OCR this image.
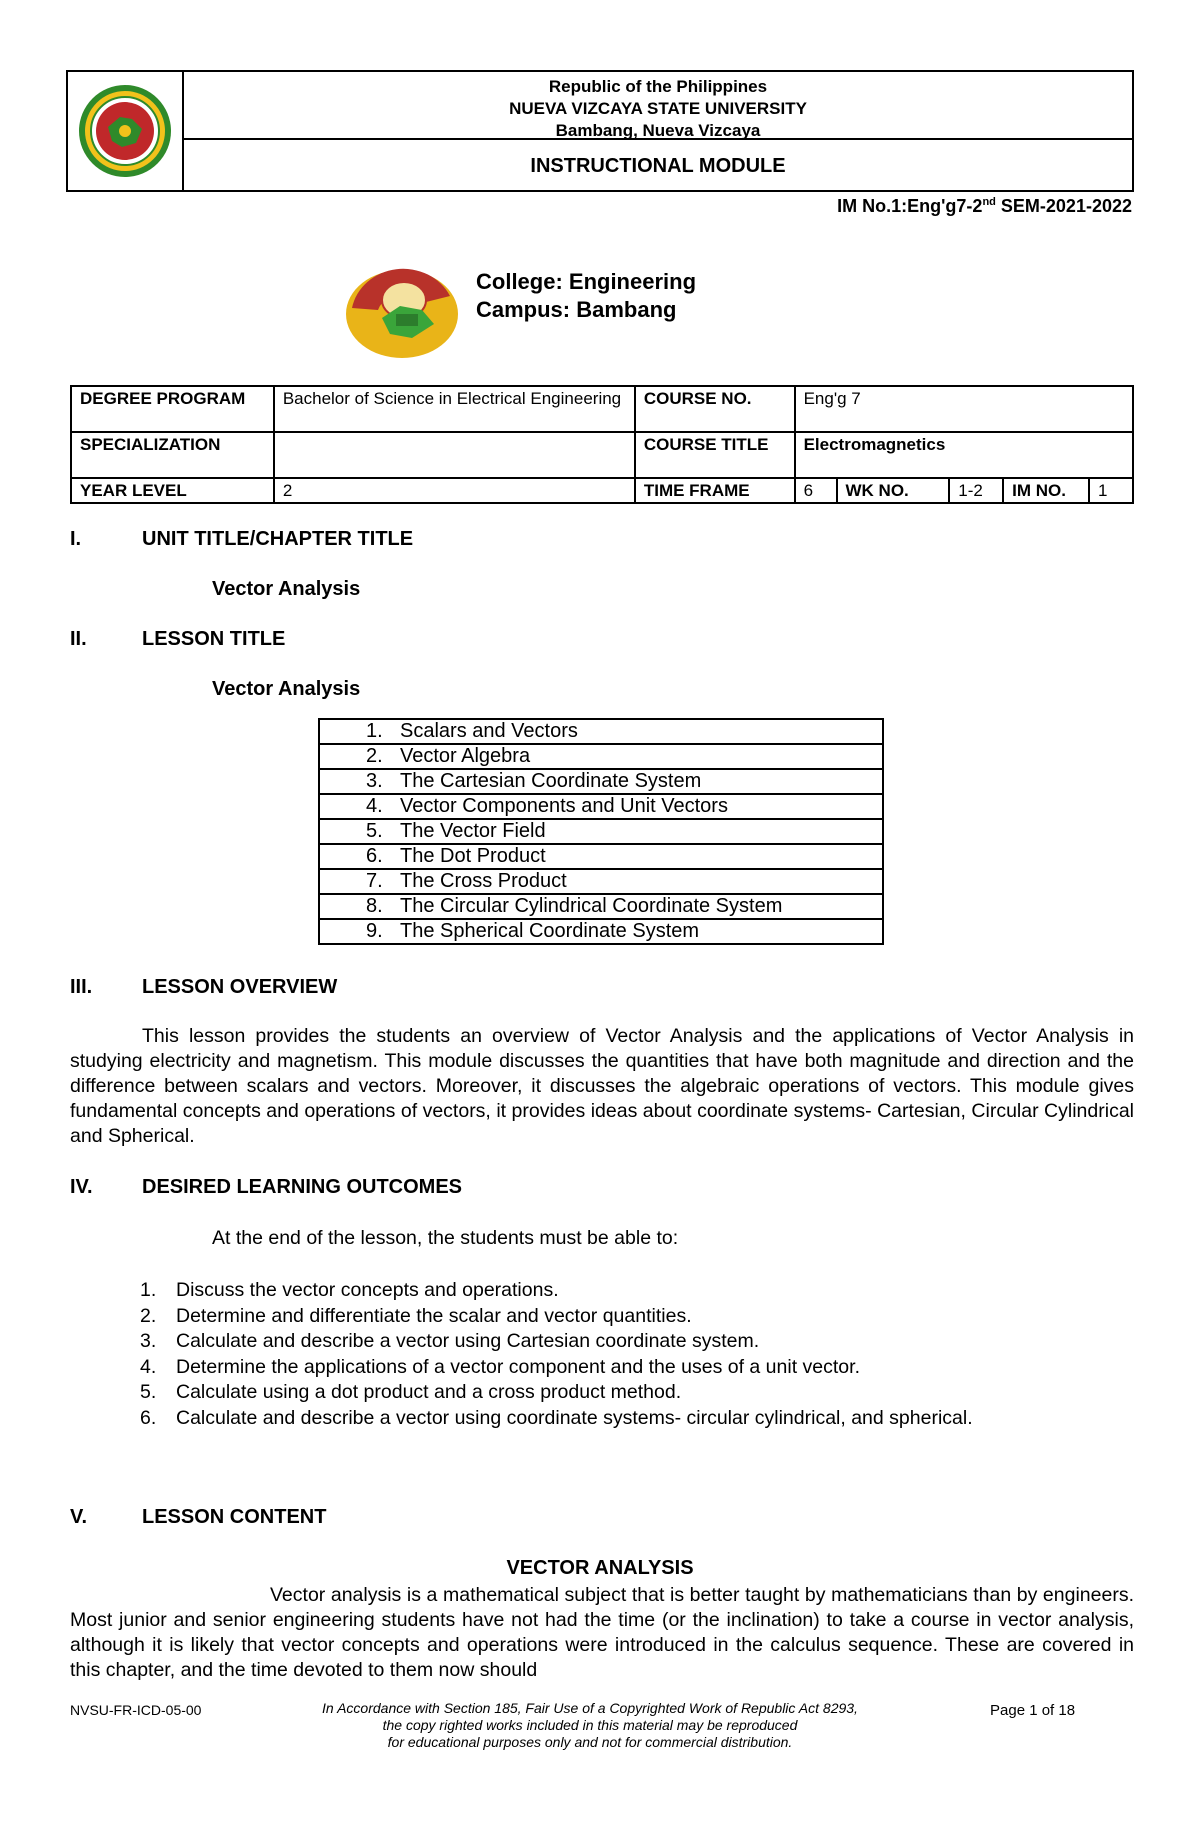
Republic of the Philippines
NUEVA VIZCAYA STATE UNIVERSITY
Bambang, Nueva Vizcaya
INSTRUCTIONAL MODULE
IM No.1:Eng'g7-2nd SEM-2021-2022
College: Engineering
Campus: Bambang
DEGREE PROGRAM	Bachelor of Science in Electrical Engineering	COURSE NO.	Eng'g 7				
SPECIALIZATION		COURSE TITLE	Electromagnetics				
YEAR LEVEL	2	TIME FRAME	6	WK NO.	1-2	IM NO.	1
I.	UNIT TITLE/CHAPTER TITLE
Vector Analysis
II.	LESSON TITLE
Vector Analysis
1. Scalars and Vectors
2. Vector Algebra
3. The Cartesian Coordinate System
4. Vector Components and Unit Vectors
5. The Vector Field
6. The Dot Product
7. The Cross Product
8. The Circular Cylindrical Coordinate System
9. The Spherical Coordinate System
III. LESSON OVERVIEW
This lesson provides the students an overview of Vector Analysis and the applications of Vector Analysis in studying electricity and magnetism. This module discusses the quantities that have both magnitude and direction and the difference between scalars and vectors. Moreover, it discusses the algebraic operations of vectors. This module gives fundamental concepts and operations of vectors, it provides ideas about coordinate systems- Cartesian, Circular Cylindrical and Spherical.
IV. DESIRED LEARNING OUTCOMES
At the end of the lesson, the students must be able to:
1. Discuss the vector concepts and operations.
2. Determine and differentiate the scalar and vector quantities.
3. Calculate and describe a vector using Cartesian coordinate system.
4. Determine the applications of a vector component and the uses of a unit vector.
5. Calculate using a dot product and a cross product method.
6. Calculate and describe a vector using coordinate systems- circular cylindrical, and spherical.
V.	LESSON CONTENT
VECTOR ANALYSIS
Vector analysis is a mathematical subject that is better taught by mathematicians than by engineers. Most junior and senior engineering students have not had the time (or the inclination) to take a course in vector analysis, although it is likely that vector concepts and operations were introduced in the calculus sequence. These are covered in this chapter, and the time devoted to them now should
NVSU-FR-ICD-05-00	In Accordance with Section 185, Fair Use of a Copyrighted Work of Republic Act 8293,
the copy righted works included in this material may be reproduced
for educational purposes only and not for commercial distribution.
Page 1 of 18
